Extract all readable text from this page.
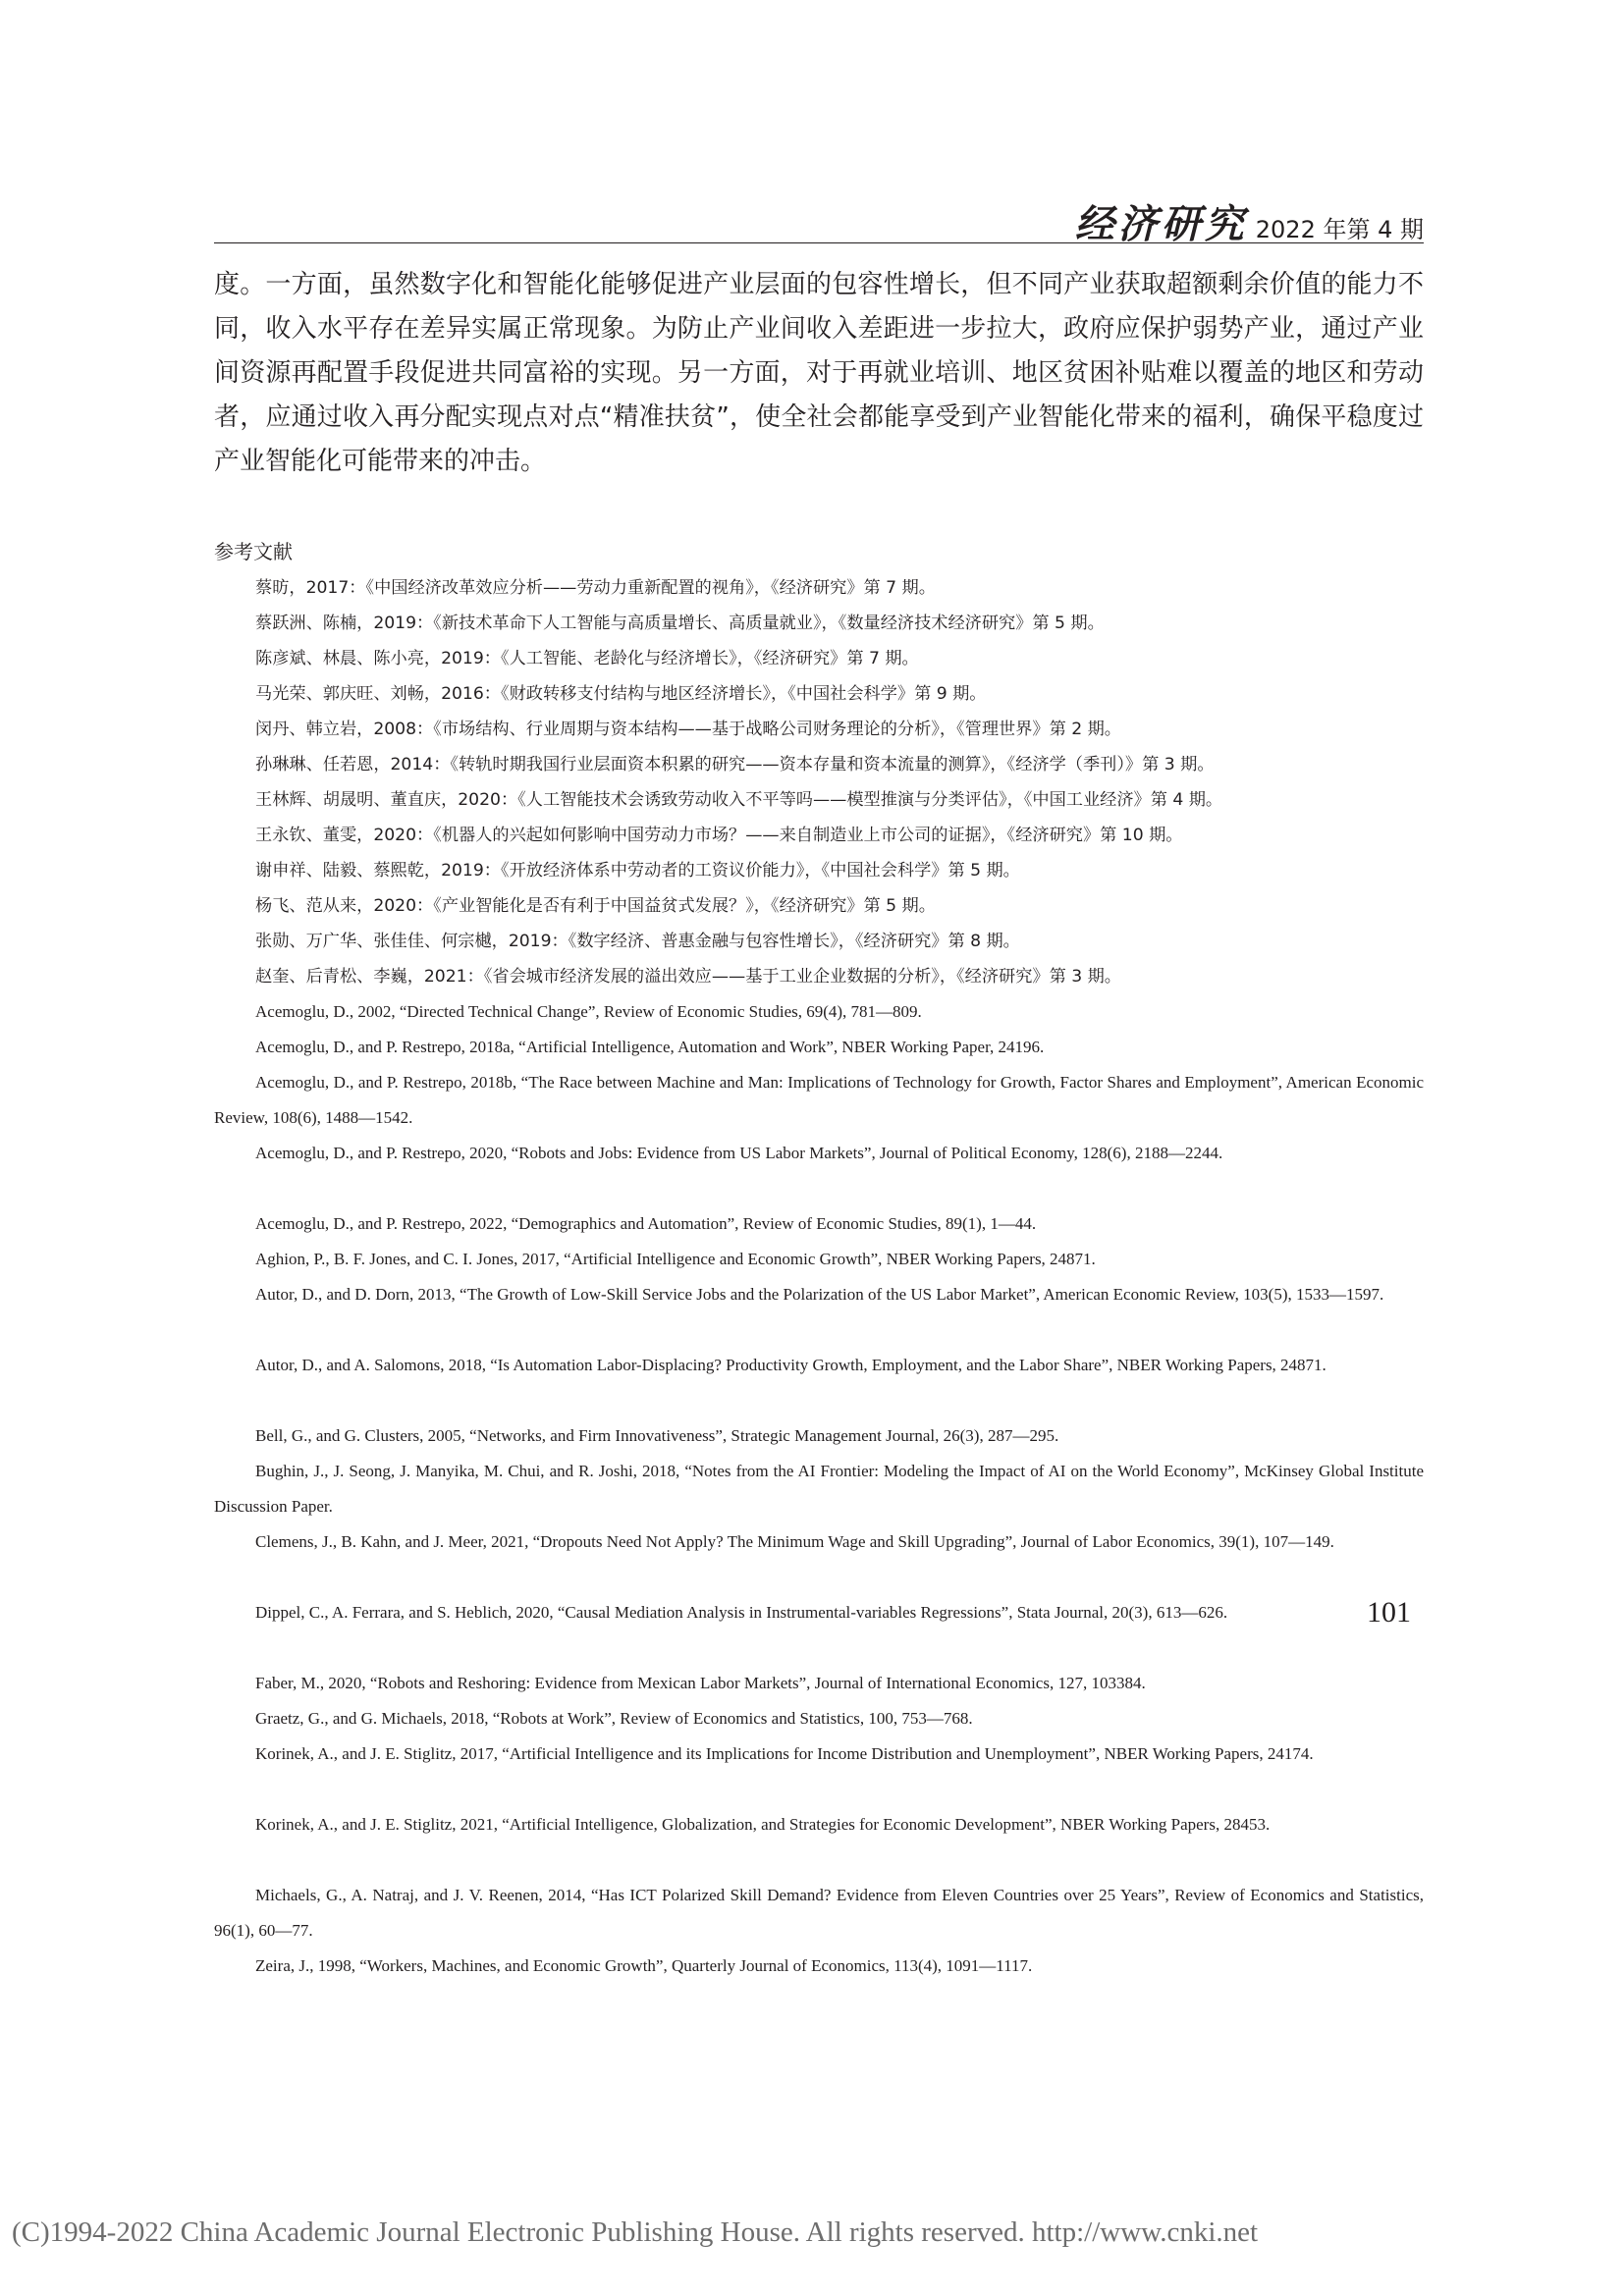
经济研究 2022 年第 4 期

度。一方面，虽然数字化和智能化能够促进产业层面的包容性增长，但不同产业获取超额剩余价值的能力不同，收入水平存在差异实属正常现象。为防止产业间收入差距进一步拉大，政府应保护弱势产业，通过产业间资源再配置手段促进共同富裕的实现。另一方面，对于再就业培训、地区贫困补贴难以覆盖的地区和劳动者，应通过收入再分配实现点对点“精准扶贫”，使全社会都能享受到产业智能化带来的福利，确保平稳度过产业智能化可能带来的冲击。

参考文献

蔡昉，2017：《中国经济改革效应分析——劳动力重新配置的视角》，《经济研究》第 7 期。

蔡跃洲、陈楠，2019：《新技术革命下人工智能与高质量增长、高质量就业》，《数量经济技术经济研究》第 5 期。

陈彦斌、林晨、陈小亮，2019：《人工智能、老龄化与经济增长》，《经济研究》第 7 期。

马光荣、郭庆旺、刘畅，2016：《财政转移支付结构与地区经济增长》，《中国社会科学》第 9 期。

闵丹、韩立岩，2008：《市场结构、行业周期与资本结构——基于战略公司财务理论的分析》，《管理世界》第 2 期。

孙琳琳、任若恩，2014：《转轨时期我国行业层面资本积累的研究——资本存量和资本流量的测算》，《经济学（季刊）》第 3 期。

王林辉、胡晟明、董直庆，2020：《人工智能技术会诱致劳动收入不平等吗——模型推演与分类评估》，《中国工业经济》第 4 期。

王永钦、董雯，2020：《机器人的兴起如何影响中国劳动力市场？——来自制造业上市公司的证据》，《经济研究》第 10 期。

谢申祥、陆毅、蔡熙乾，2019：《开放经济体系中劳动者的工资议价能力》，《中国社会科学》第 5 期。

杨飞、范从来，2020：《产业智能化是否有利于中国益贫式发展？》，《经济研究》第 5 期。

张勋、万广华、张佳佳、何宗樾，2019：《数字经济、普惠金融与包容性增长》，《经济研究》第 8 期。

赵奎、后青松、李巍，2021：《省会城市经济发展的溢出效应——基于工业企业数据的分析》，《经济研究》第 3 期。

Acemoglu, D., 2002, “Directed Technical Change”, Review of Economic Studies, 69(4), 781—809.

Acemoglu, D., and P. Restrepo, 2018a, “Artificial Intelligence, Automation and Work”, NBER Working Paper, 24196.

Acemoglu, D., and P. Restrepo, 2018b, “The Race between Machine and Man: Implications of Technology for Growth, Factor Shares and Employment”, American Economic Review, 108(6), 1488—1542.

Acemoglu, D., and P. Restrepo, 2020, “Robots and Jobs: Evidence from US Labor Markets”, Journal of Political Economy, 128(6), 2188—2244.

Acemoglu, D., and P. Restrepo, 2022, “Demographics and Automation”, Review of Economic Studies, 89(1), 1—44.

Aghion, P., B. F. Jones, and C. I. Jones, 2017, “Artificial Intelligence and Economic Growth”, NBER Working Papers, 24871.

Autor, D., and D. Dorn, 2013, “The Growth of Low-Skill Service Jobs and the Polarization of the US Labor Market”, American Economic Review, 103(5), 1533—1597.

Autor, D., and A. Salomons, 2018, “Is Automation Labor-Displacing? Productivity Growth, Employment, and the Labor Share”, NBER Working Papers, 24871.

Bell, G., and G. Clusters, 2005, “Networks, and Firm Innovativeness”, Strategic Management Journal, 26(3), 287—295.

Bughin, J., J. Seong, J. Manyika, M. Chui, and R. Joshi, 2018, “Notes from the AI Frontier: Modeling the Impact of AI on the World Economy”, McKinsey Global Institute Discussion Paper.

Clemens, J., B. Kahn, and J. Meer, 2021, “Dropouts Need Not Apply? The Minimum Wage and Skill Upgrading”, Journal of Labor Economics, 39(1), 107—149.

Dippel, C., A. Ferrara, and S. Heblich, 2020, “Causal Mediation Analysis in Instrumental-variables Regressions”, Stata Journal, 20(3), 613—626.

Faber, M., 2020, “Robots and Reshoring: Evidence from Mexican Labor Markets”, Journal of International Economics, 127, 103384.

Graetz, G., and G. Michaels, 2018, “Robots at Work”, Review of Economics and Statistics, 100, 753—768.

Korinek, A., and J. E. Stiglitz, 2017, “Artificial Intelligence and its Implications for Income Distribution and Unemployment”, NBER Working Papers, 24174.

Korinek, A., and J. E. Stiglitz, 2021, “Artificial Intelligence, Globalization, and Strategies for Economic Development”, NBER Working Papers, 28453.

Michaels, G., A. Natraj, and J. V. Reenen, 2014, “Has ICT Polarized Skill Demand? Evidence from Eleven Countries over 25 Years”, Review of Economics and Statistics, 96(1), 60—77.

Zeira, J., 1998, “Workers, Machines, and Economic Growth”, Quarterly Journal of Economics, 113(4), 1091—1117.

101
(C)1994-2022 China Academic Journal Electronic Publishing House. All rights reserved. http://www.cnki.net
